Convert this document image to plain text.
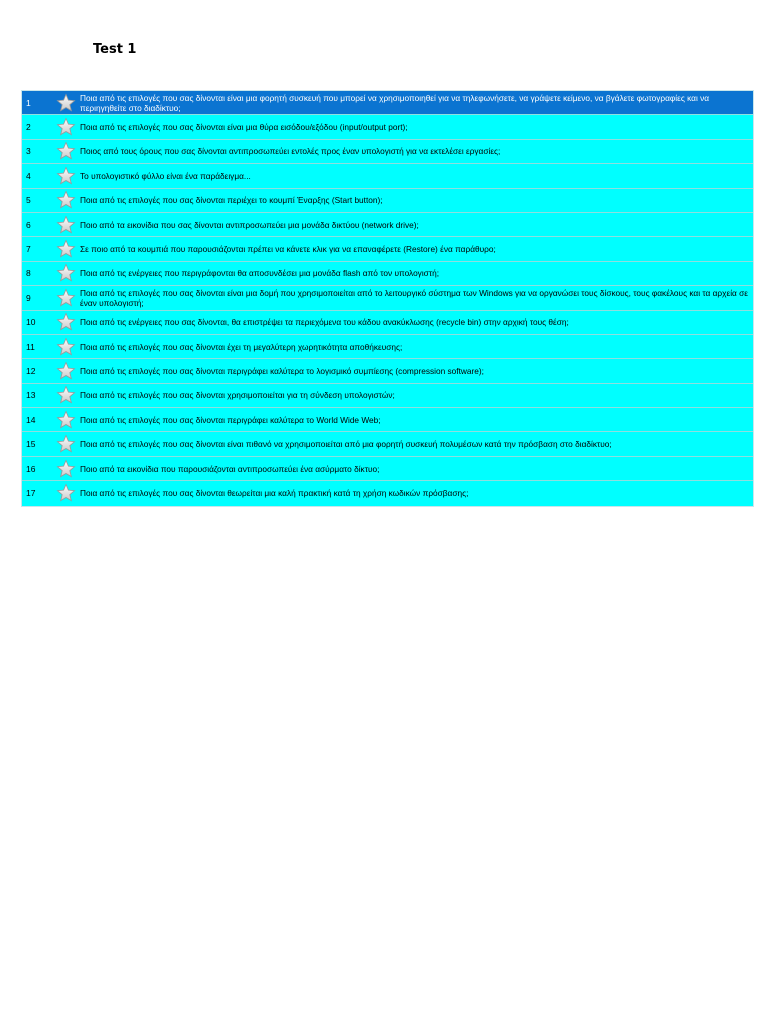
Test 1
1	Ποια από τις επιλογές που σας δίνονται είναι μια φορητή συσκευή που μπορεί να χρησιμοποιηθεί για να τηλεφωνήσετε, να γράψετε κείμενο, να βγάλετε φωτογραφίες και να περιηγηθείτε στο διαδίκτυο;
2	Ποια από τις επιλογές που σας δίνονται είναι μια θύρα εισόδου/εξόδου (input/output port);
3	Ποιος από τους όρους που σας δίνονται αντιπροσωπεύει εντολές προς έναν υπολογιστή για να εκτελέσει εργασίες;
4	Το υπολογιστικό φύλλο είναι ένα παράδειγμα...
5	Ποια από τις επιλογές που σας δίνονται περιέχει το κουμπί Έναρξης (Start button);
6	Ποιο από τα εικονίδια που σας δίνονται αντιπροσωπεύει μια μονάδα δικτύου (network drive);
7	Σε ποιο από τα κουμπιά που παρουσιάζονται πρέπει να κάνετε κλικ για να επαναφέρετε (Restore) ένα παράθυρο;
8	Ποια από τις ενέργειες που περιγράφονται θα αποσυνδέσει μια μονάδα flash από τον υπολογιστή;
9	Ποια από τις επιλογές που σας δίνονται είναι μια δομή που χρησιμοποιείται από το λειτουργικό σύστημα των Windows για να οργανώσει τους δίσκους, τους φακέλους και τα αρχεία σε έναν υπολογιστή;
10	Ποια από τις ενέργειες που σας δίνονται, θα επιστρέψει τα περιεχόμενα του κάδου ανακύκλωσης (recycle bin) στην αρχική τους θέση;
11	Ποια από τις επιλογές που σας δίνονται έχει τη μεγαλύτερη χωρητικότητα αποθήκευσης;
12	Ποια από τις επιλογές που σας δίνονται περιγράφει καλύτερα το λογισμικό συμπίεσης (compression software);
13	Ποια από τις επιλογές που σας δίνονται χρησιμοποιείται για τη σύνδεση υπολογιστών;
14	Ποια από τις επιλογές που σας δίνονται περιγράφει καλύτερα το World Wide Web;
15	Ποια από τις επιλογές που σας δίνονται είναι πιθανό να χρησιμοποιείται από μια φορητή συσκευή πολυμέσων κατά την πρόσβαση στο διαδίκτυο;
16	Ποιο από τα εικονίδια που παρουσιάζονται αντιπροσωπεύει ένα ασύρματο δίκτυο;
17	Ποια από τις επιλογές που σας δίνονται θεωρείται μια καλή πρακτική κατά τη χρήση κωδικών πρόσβασης;
